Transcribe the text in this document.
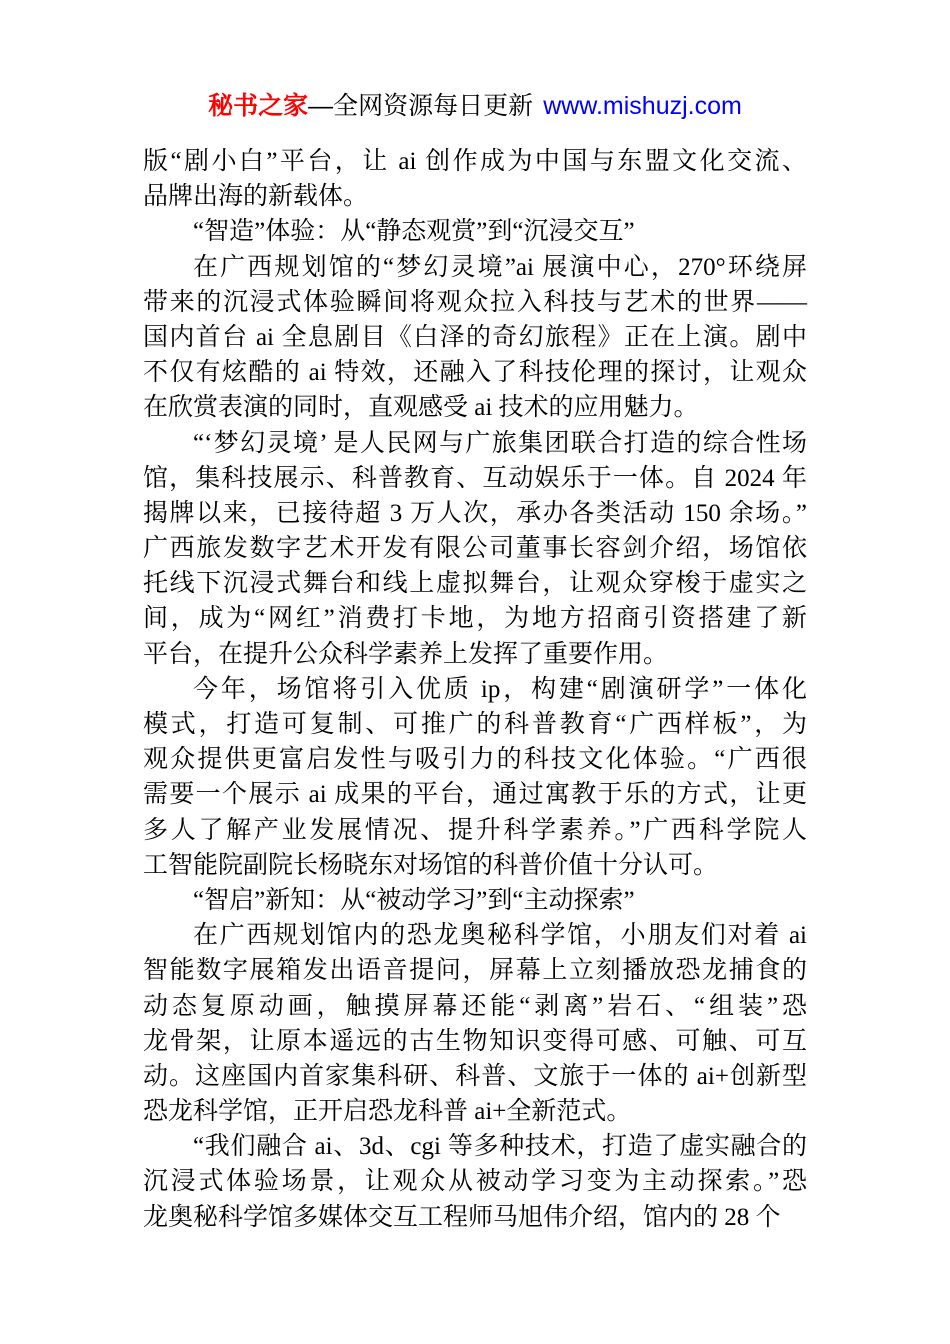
秘书之家—全网资源每日更新 www.mishuzj.com
版“剧小白”平台，让 ai 创作成为中国与东盟文化交流、
品牌出海的新载体。
“智造”体验：从“静态观赏”到“沉浸交互”
在广西规划馆的“梦幻灵境”ai 展演中心，270°环绕屏
带来的沉浸式体验瞬间将观众拉入科技与艺术的世界——
国内首台 ai 全息剧目《白泽的奇幻旅程》正在上演。剧中
不仅有炫酷的 ai 特效，还融入了科技伦理的探讨，让观众
在欣赏表演的同时，直观感受 ai 技术的应用魅力。
“‘梦幻灵境’ 是人民网与广旅集团联合打造的综合性场
馆，集科技展示、科普教育、互动娱乐于一体。自 2024 年
揭牌以来，已接待超 3 万人次，承办各类活动 150 余场。”
广西旅发数字艺术开发有限公司董事长容剑介绍，场馆依
托线下沉浸式舞台和线上虚拟舞台，让观众穿梭于虚实之
间，成为“网红”消费打卡地，为地方招商引资搭建了新
平台，在提升公众科学素养上发挥了重要作用。
今年，场馆将引入优质 ip，构建“剧演研学”一体化
模式，打造可复制、可推广的科普教育“广西样板”，为
观众提供更富启发性与吸引力的科技文化体验。“广西很
需要一个展示 ai 成果的平台，通过寓教于乐的方式，让更
多人了解产业发展情况、提升科学素养。”广西科学院人
工智能院副院长杨晓东对场馆的科普价值十分认可。
“智启”新知：从“被动学习”到“主动探索”
在广西规划馆内的恐龙奥秘科学馆，小朋友们对着 ai
智能数字展箱发出语音提问，屏幕上立刻播放恐龙捕食的
动态复原动画，触摸屏幕还能“剥离”岩石、“组装”恐
龙骨架，让原本遥远的古生物知识变得可感、可触、可互
动。这座国内首家集科研、科普、文旅于一体的 ai+创新型
恐龙科学馆，正开启恐龙科普 ai+全新范式。
“我们融合 ai、3d、cgi 等多种技术，打造了虚实融合的
沉浸式体验场景，让观众从被动学习变为主动探索。”恐
龙奥秘科学馆多媒体交互工程师马旭伟介绍，馆内的 28 个
